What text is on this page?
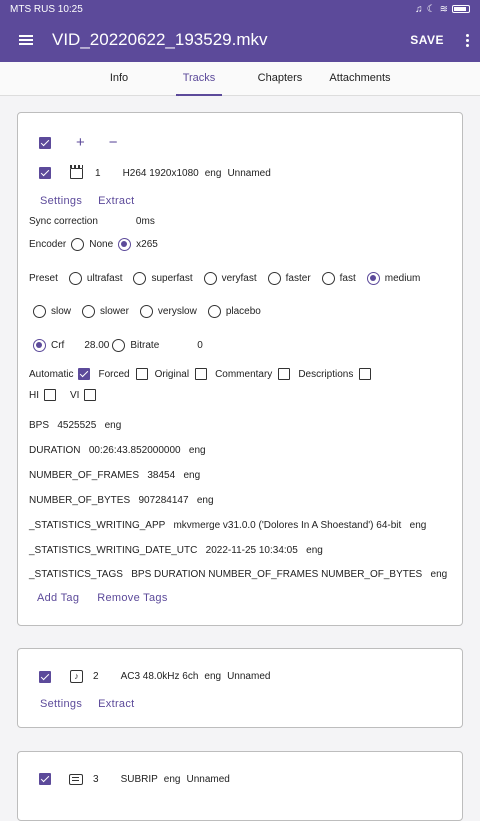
MTS RUS 10:25	♫ ☾ ≋
VID_20220622_193529.mkv	SAVE
Info	Tracks	Chapters	Attachments
+ −
1 H264 1920x1080 eng Unnamed
Settings Extract
Sync correction	0ms
Encoder None x265
Preset	ultrafast	superfast	veryfast	faster	fast	medium
slow	slower	veryslow	placebo
Crf 28.00 Bitrate	0
Automatic	Forced	Original	Commentary	Descriptions
HI	VI
BPS   4525525   eng
DURATION   00:26:43.852000000   eng
NUMBER_OF_FRAMES   38454   eng
NUMBER_OF_BYTES   907284147   eng
_STATISTICS_WRITING_APP   mkvmerge v31.0.0 ('Dolores In A Shoestand') 64-bit   eng
_STATISTICS_WRITING_DATE_UTC   2022-11-25 10:34:05   eng
_STATISTICS_TAGS   BPS DURATION NUMBER_OF_FRAMES NUMBER_OF_BYTES   eng
Add Tag Remove Tags
♪	2 AC3 48.0kHz 6ch eng Unnamed
Settings Extract
3 SUBRIP eng Unnamed
